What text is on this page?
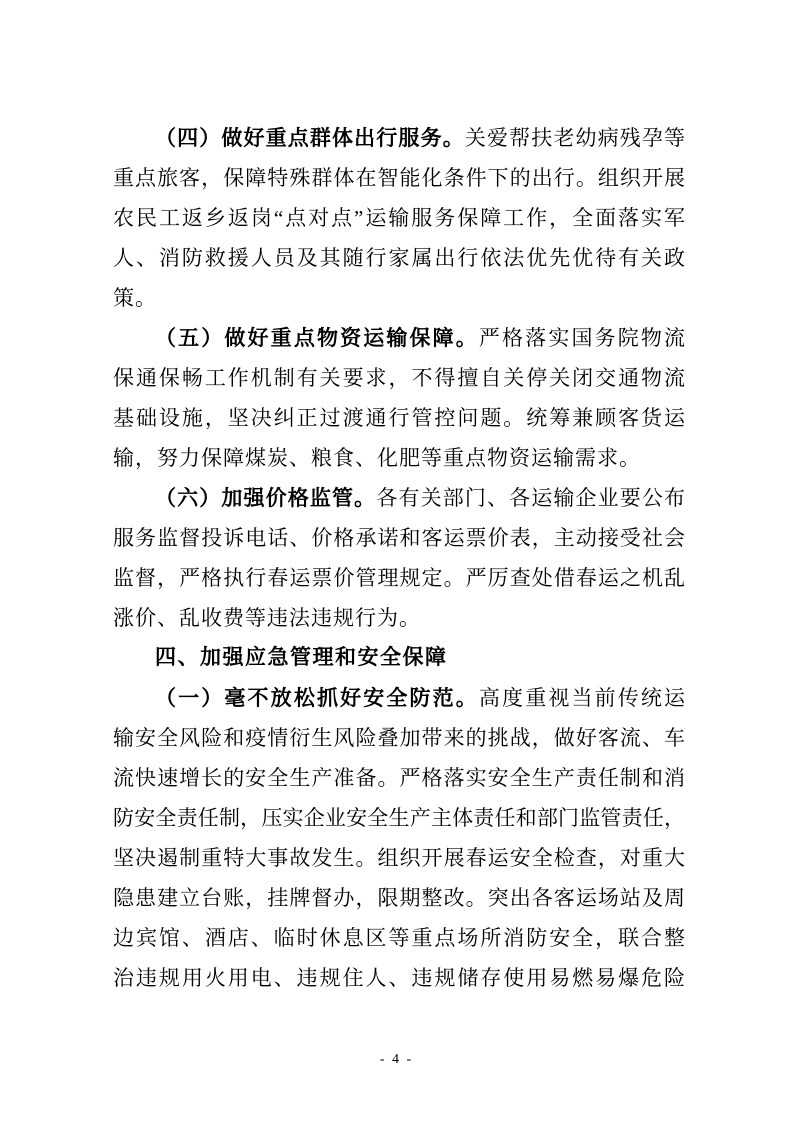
（四）做好重点群体出行服务。关爱帮扶老幼病残孕等
重点旅客，保障特殊群体在智能化条件下的出行。组织开展
农民工返乡返岗“点对点”运输服务保障工作，全面落实军
人、消防救援人员及其随行家属出行依法优先优待有关政
策。
（五）做好重点物资运输保障。严格落实国务院物流
保通保畅工作机制有关要求，不得擅自关停关闭交通物流
基础设施，坚决纠正过渡通行管控问题。统筹兼顾客货运
输，努力保障煤炭、粮食、化肥等重点物资运输需求。
（六）加强价格监管。各有关部门、各运输企业要公布
服务监督投诉电话、价格承诺和客运票价表，主动接受社会
监督，严格执行春运票价管理规定。严厉查处借春运之机乱
涨价、乱收费等违法违规行为。
四、加强应急管理和安全保障
（一）毫不放松抓好安全防范。高度重视当前传统运
输安全风险和疫情衍生风险叠加带来的挑战，做好客流、车
流快速增长的安全生产准备。严格落实安全生产责任制和消
防安全责任制，压实企业安全生产主体责任和部门监管责任，
坚决遏制重特大事故发生。组织开展春运安全检查，对重大
隐患建立台账，挂牌督办，限期整改。突出各客运场站及周
边宾馆、酒店、临时休息区等重点场所消防安全，联合整
治违规用火用电、违规住人、违规储存使用易燃易爆危险
- 4 -
